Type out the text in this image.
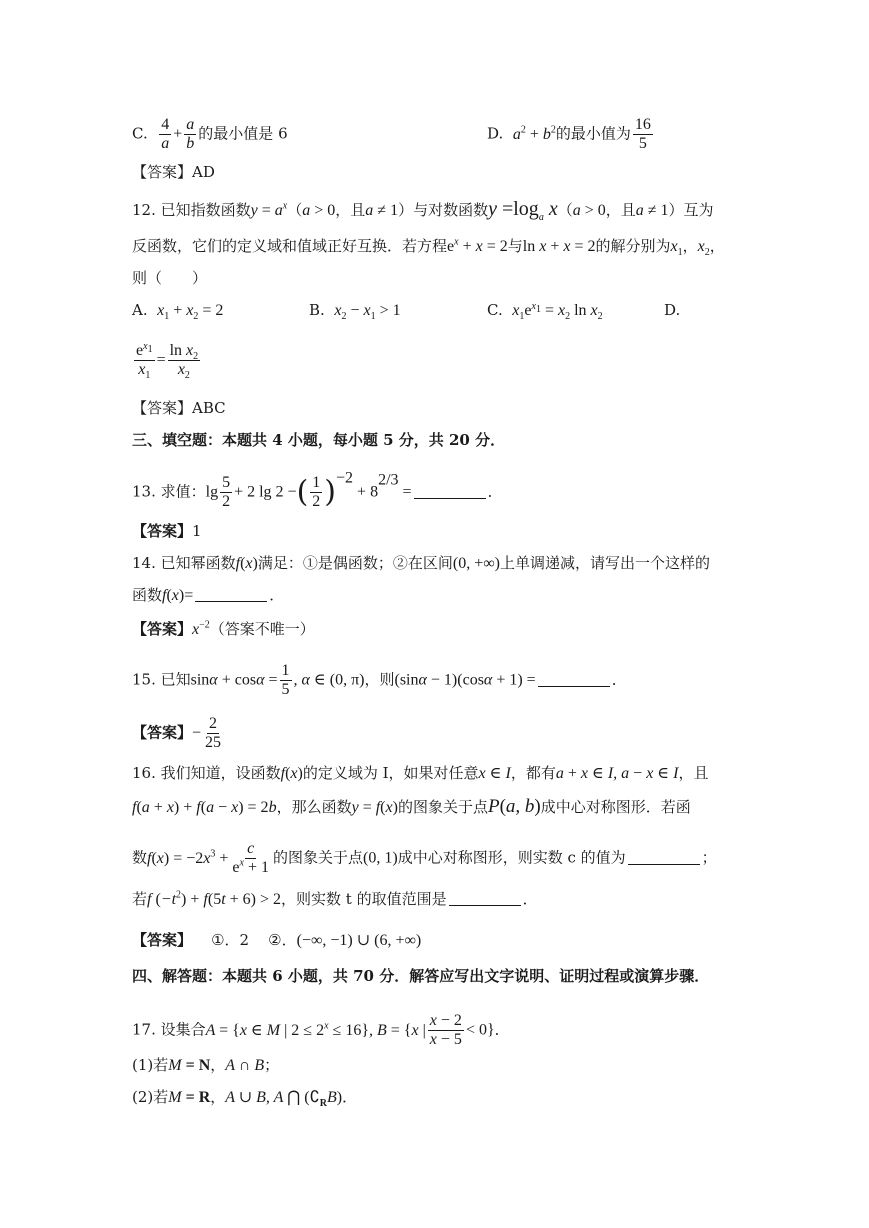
C. $\frac{4}{a} + \frac{a}{b}$ 的最小值是 6	D. $a^2 + b^2$的最小值为 $\frac{16}{5}$
【答案】AD
12. 已知指数函数$y = a^x(a > 0$，且a ≠ 1）与对数函数$y =\log_a$ x（a > 0，且a ≠ 1）互为
反函数，它们的定义域和值域正好互换．若方程$e^x + x = 2$与ln x + x = 2的解分别为$x_1$，$x_2$，
则（　　）
A. $x_1 + x_2 = 2$	B. $x_2 - x_1 > 1$	C. $x_1e^{x_1} = x_2$ $\ln x_2$	D.
$\frac{e^{x_1}}{x_1} = \frac{\ln x_2}{x_2}$
【答案】ABC
三、填空题：本题共 4 小题，每小题 5 分，共 20 分．
13. 求值：$\lg \frac{5}{2} + 2$ lg 2 −( $\frac{1}{2} )^{-2} + 8^{2/3}$ =	．
【答案】1
14. 已知幂函数f(x)满足：①是偶函数；②在区间(0, +∞)上单调递减，请写出一个这样的
函数f(x)=	．
【答案】$x^{-2}$（答案不唯一）
15. 已知$\sin\alpha + \cos\alpha = \frac{1}{5}$ , α ∈ (0, π)，则(sinα − 1)(cosα + 1) =	．
【答案】− $\frac{2}{25}$
16. 我们知道，设函数f(x)的定义域为 I，如果对任意x ∈ I，都有a + x ∈ I, a − x ∈ I，且
f(a + x) + f(a − x) = 2b，那么函数y = f(x)的图象关于点P(a, b)成中心对称图形．若函
数$f(x) = -2x^3 + \frac{c}{e^x + 1}$ 的图象关于点(0, 1)成中心对称图形，则实数 c 的值为	；
若f $(-t^2) + f(5t + 6) > 2$，则实数 t 的取值范围是	．
【答案】 ①．2 ②．(−∞, −1) ∪ (6, +∞)
四、解答题：本题共 6 小题，共 70 分．解答应写出文字说明、证明过程或演算步骤．
17. 设集合A = {x ∈ M | $2 \le 2^x \le 16$}, B = {x | $\frac{x - 2}{x - 5} < 0$}．
(1)若M = N，A ∩ B；
(2)若M = R，A ∪ B, A ⋂ $(∁_RB)$．
